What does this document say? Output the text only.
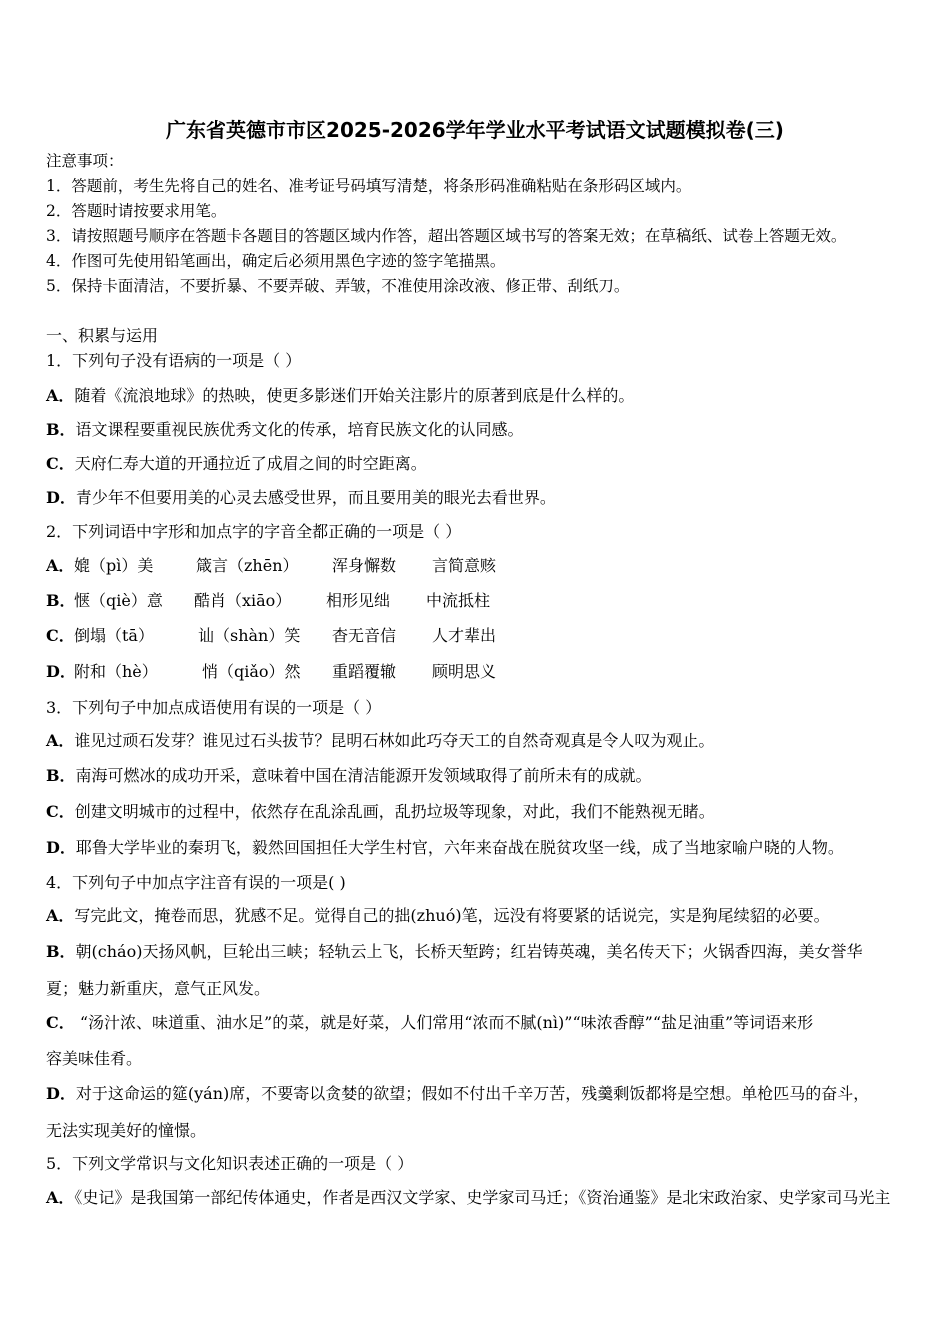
广东省英德市市区2025-2026学年学业水平考试语文试题模拟卷(三)
注意事项：
1．答题前，考生先将自己的姓名、准考证号码填写清楚，将条形码准确粘贴在条形码区域内。
2．答题时请按要求用笔。
3．请按照题号顺序在答题卡各题目的答题区域内作答，超出答题区域书写的答案无效；在草稿纸、试卷上答题无效。
4．作图可先使用铅笔画出，确定后必须用黑色字迹的签字笔描黑。
5．保持卡面清洁，不要折暴、不要弄破、弄皱，不准使用涂改液、修正带、刮纸刀。
一、积累与运用
1．下列句子没有语病的一项是（ ）
A．随着《流浪地球》的热映，使更多影迷们开始关注影片的原著到底是什么样的。
B．语文课程要重视民族优秀文化的传承，培育民族文化的认同感。
C．天府仁寿大道的开通拉近了成眉之间的时空距离。
D．青少年不但要用美的心灵去感受世界，而且要用美的眼光去看世界。
2．下列词语中字形和加点字的字音全都正确的一项是（ ）
A． 媲（pì）美	箴言（zhēn） 浑身懈数 言简意赅
B．
惬（qiè）意 酷肖（xiāo） 相形见绌 中流抵柱
C． 倒塌（tā）	讪（shàn）笑 杳无音信 人才辈出
D．
附和（hè）	悄（qiǎo）然 重蹈覆辙 顾明思义
3．下列句子中加点成语使用有误的一项是（ ）
A．谁见过顽石发芽？谁见过石头拔节？昆明石林如此巧夺天工的自然奇观真是令人叹为观止。
B．南海可燃冰的成功开采，意味着中国在清洁能源开发领域取得了前所未有的成就。
C．创建文明城市的过程中，依然存在乱涂乱画，乱扔垃圾等现象，对此，我们不能熟视无睹。
D．耶鲁大学毕业的秦玥飞，毅然回国担任大学生村官，六年来奋战在脱贫攻坚一线，成了当地家喻户晓的人物。
4．下列句子中加点字注音有误的一项是( )
A．写完此文，掩卷而思，犹感不足。觉得自己的拙(zhuó)笔，远没有将要紧的话说完，实是狗尾续貂的必要。
B．朝(cháo)天扬风帆，巨轮出三峡；轻轨云上飞，长桥天堑跨；红岩铸英魂，美名传天下；火锅香四海，美女誉华
夏；魅力新重庆，意气正风发。
C． “汤汁浓、味道重、油水足”的菜，就是好菜，人们常用“浓而不腻(nì)”“味浓香醇”“盐足油重”等词语来形
容美味佳肴。
D．对于这命运的筵(yán)席，不要寄以贪婪的欲望；假如不付出千辛万苦，残羹剩饭都将是空想。单枪匹马的奋斗，
无法实现美好的憧憬。
5．下列文学常识与文化知识表述正确的一项是（ ）
A．《史记》是我国第一部纪传体通史，作者是西汉文学家、史学家司马迁；《资治通鉴》是北宋政治家、史学家司马光主
